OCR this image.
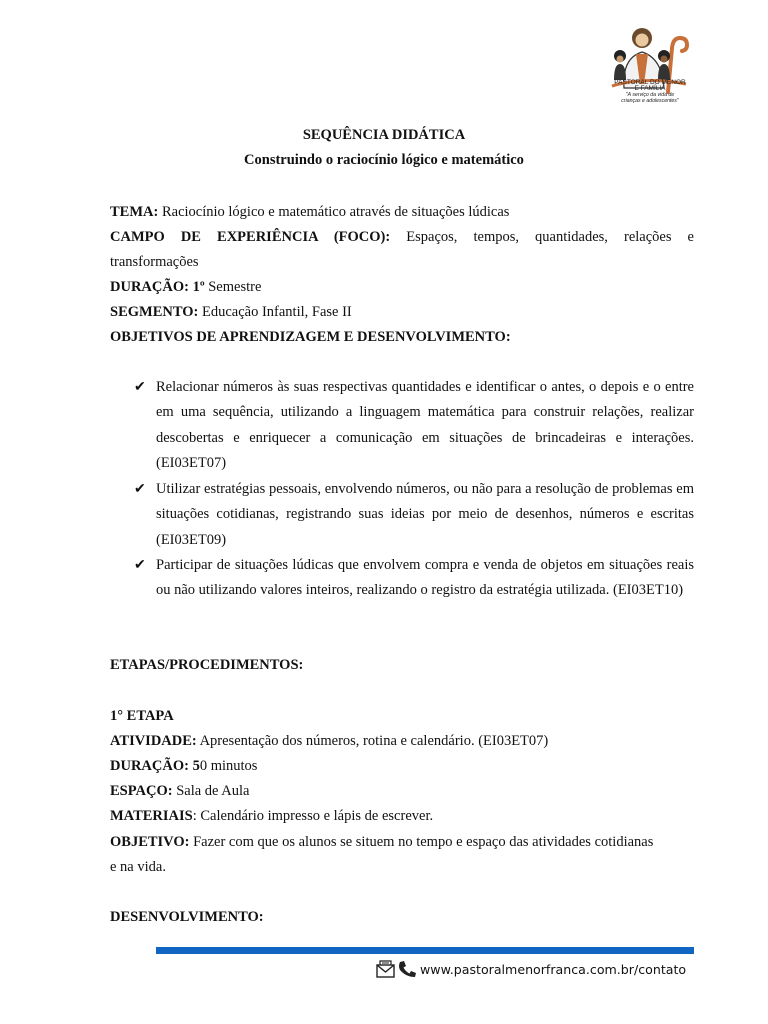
PASTORAL DO MENOR
E FAMÍLIA
"A serviço da vida de
crianças e adolescentes"
SEQUÊNCIA DIDÁTICA
Construindo o raciocínio lógico e matemático
TEMA: Raciocínio lógico e matemático através de situações lúdicas
CAMPO DE EXPERIÊNCIA (FOCO): Espaços, tempos, quantidades, relações e
transformações
DURAÇÃO: 1º Semestre
SEGMENTO: Educação Infantil, Fase II
OBJETIVOS DE APRENDIZAGEM E DESENVOLVIMENTO:
✔ Relacionar números às suas respectivas quantidades e identificar o antes, o depois e o entre em uma sequência, utilizando a linguagem matemática para construir relações, realizar descobertas e enriquecer a comunicação em situações de brincadeiras e interações. (EI03ET07)
✔ Utilizar estratégias pessoais, envolvendo números, ou não para a resolução de problemas em situações cotidianas, registrando suas ideias por meio de desenhos, números e escritas (EI03ET09)
✔ Participar de situações lúdicas que envolvem compra e venda de objetos em situações reais ou não utilizando valores inteiros, realizando o registro da estratégia utilizada. (EI03ET10)
ETAPAS/PROCEDIMENTOS:
1° ETAPA
ATIVIDADE: Apresentação dos números, rotina e calendário. (EI03ET07)
DURAÇÃO: 50 minutos
ESPAÇO: Sala de Aula
MATERIAIS: Calendário impresso e lápis de escrever.
OBJETIVO: Fazer com que os alunos se situem no tempo e espaço das atividades cotidianas
e na vida.
DESENVOLVIMENTO:
www.pastoralmenorfranca.com.br/contato
